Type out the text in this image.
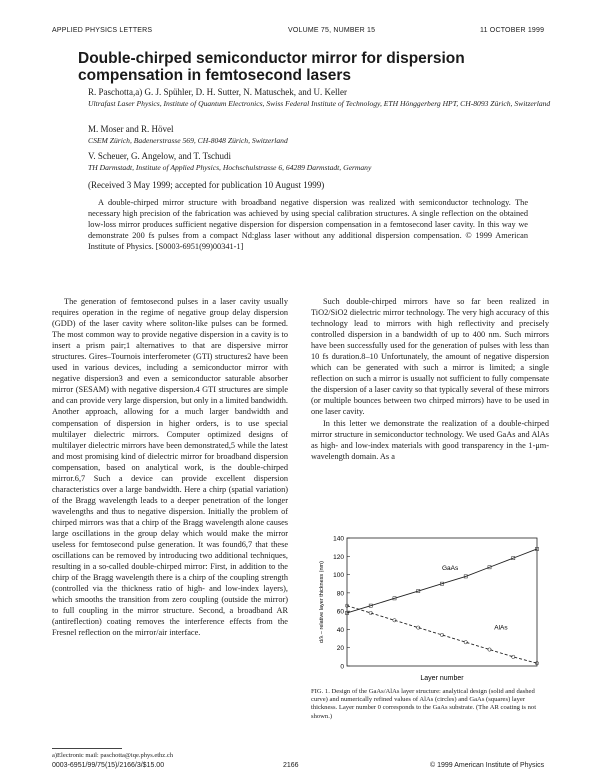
APPLIED PHYSICS LETTERS	VOLUME 75, NUMBER 15	11 OCTOBER 1999
Double-chirped semiconductor mirror for dispersion compensation in femtosecond lasers
R. Paschotta,a) G. J. Spühler, D. H. Sutter, N. Matuschek, and U. Keller
Ultrafast Laser Physics, Institute of Quantum Electronics, Swiss Federal Institute of Technology, ETH Hönggerberg HPT, CH-8093 Zürich, Switzerland
M. Moser and R. Hövel
CSEM Zürich, Badenerstrasse 569, CH-8048 Zürich, Switzerland
V. Scheuer, G. Angelow, and T. Tschudi
TH Darmstadt, Institute of Applied Physics, Hochschulstrasse 6, 64289 Darmstadt, Germany
(Received 3 May 1999; accepted for publication 10 August 1999)
A double-chirped mirror structure with broadband negative dispersion was realized with semiconductor technology. The necessary high precision of the fabrication was achieved by using special calibration structures. A single reflection on the obtained low-loss mirror produces sufficient negative dispersion for dispersion compensation in a femtosecond laser cavity. In this way we demonstrate 200 fs pulses from a compact Nd:glass laser without any additional dispersion compensation. © 1999 American Institute of Physics. [S0003-6951(99)00341-1]

The generation of femtosecond pulses in a laser cavity usually requires operation in the regime of negative group delay dispersion (GDD) of the laser cavity where soliton-like pulses can be formed. The most common way to provide negative dispersion in a cavity is to insert a prism pair;1 alternatives to that are dispersive mirror structures. Gires–Tournois interferometer (GTI) structures2 have been used in various devices, including a semiconductor mirror with negative dispersion3 and even a semiconductor saturable absorber mirror (SESAM) with negative dispersion.4 GTI structures are simple and can provide very large dispersion, but only in a limited bandwidth. Another approach, allowing for a much larger bandwidth and compensation of dispersion in higher orders, is to use special multilayer dielectric mirrors. Computer optimized designs of multilayer dielectric mirrors have been demonstrated,5 while the latest and most promising kind of dielectric mirror for broadband dispersion compensation, based on analytical work, is the double-chirped mirror.6,7 Such a device can provide excellent dispersion characteristics over a large bandwidth. Here a chirp (spatial variation) of the Bragg wavelength leads to a deeper penetration of the longer wavelengths and thus to negative dispersion. Initially the problem of chirped mirrors was that a chirp of the Bragg wavelength alone causes large oscillations in the group delay which would make the mirror useless for femtosecond pulse generation. It was found6,7 that these oscillations can be removed by introducing two additional techniques, resulting in a so-called double-chirped mirror: First, in addition to the chirp of the Bragg wavelength there is a chirp of the coupling strength (controlled via the thickness ratio of high- and low-index layers), which smooths the transition from zero coupling (outside the mirror) to full coupling in the mirror structure. Second, a broadband AR (antireflection) coating removes the interference effects from the Fresnel reflection on the mirror/air interface.

Such double-chirped mirrors have so far been realized in TiO2/SiO2 dielectric mirror technology. The very high accuracy of this technology lead to mirrors with high reflectivity and precisely controlled dispersion in a bandwidth of up to 400 nm. Such mirrors have been successfully used for the generation of pulses with less than 10 fs duration.8–10 Unfortunately, the amount of negative dispersion which can be generated with such a mirror is limited; a single reflection on such a mirror is usually not sufficient to fully compensate the dispersion of a laser cavity so that typically several of these mirrors (or multiple bounces between two chirped mirrors) have to be used in one laser cavity.

In this letter we demonstrate the realization of a double-chirped mirror structure in semiconductor technology. We used GaAs and AlAs as high- and low-index materials with good transparency in the 1-μm-wavelength domain. As a

140
120
100
80
60
40
20
0
d/λ – relative layer thickness (nm)
Layer number
GaAs
AlAs
FIG. 1. Design of the GaAs/AlAs layer structure: analytical design (solid and dashed curve) and numerically refined values of AlAs (circles) and GaAs (squares) layer thickness. Layer number 0 corresponds to the GaAs substrate. (The AR coating is not shown.)
a)Electronic mail: paschotta@iqe.phys.ethz.ch
0003-6951/99/75(15)/2166/3/$15.00	2166	© 1999 American Institute of Physics
